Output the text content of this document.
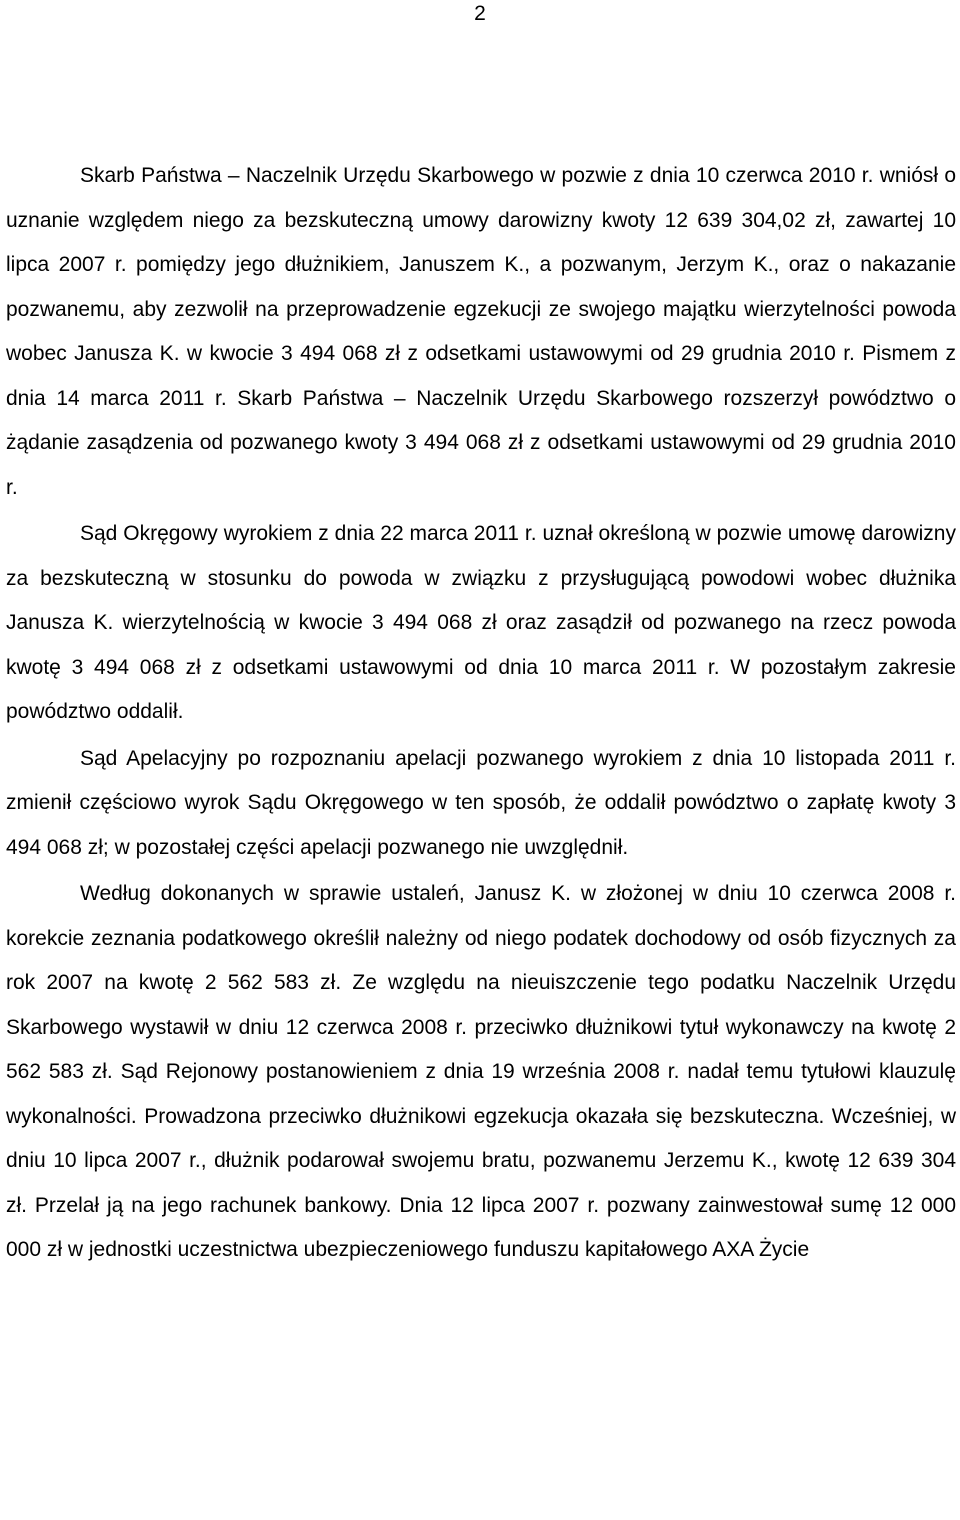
2

Skarb Państwa – Naczelnik Urzędu Skarbowego w pozwie z dnia 10 czerwca 2010 r. wniósł o uznanie względem niego za bezskuteczną umowy darowizny kwoty 12 639 304,02 zł, zawartej 10 lipca 2007 r. pomiędzy jego dłużnikiem, Januszem K., a pozwanym, Jerzym K., oraz o nakazanie pozwanemu, aby zezwolił na przeprowadzenie egzekucji ze swojego majątku wierzytelności powoda wobec Janusza K. w kwocie 3 494 068 zł z odsetkami ustawowymi od 29 grudnia 2010 r. Pismem z dnia 14 marca 2011 r. Skarb Państwa – Naczelnik Urzędu Skarbowego rozszerzył powództwo o żądanie zasądzenia od pozwanego kwoty 3 494 068 zł z odsetkami ustawowymi od 29 grudnia 2010 r.

Sąd Okręgowy wyrokiem z dnia 22 marca 2011 r. uznał określoną w pozwie umowę darowizny za bezskuteczną w stosunku do powoda w związku z przysługującą powodowi wobec dłużnika Janusza K. wierzytelnością w kwocie 3 494 068 zł oraz zasądził od pozwanego na rzecz powoda kwotę 3 494 068 zł z odsetkami ustawowymi od dnia 10 marca 2011 r. W pozostałym zakresie powództwo oddalił.

Sąd Apelacyjny po rozpoznaniu apelacji pozwanego wyrokiem z dnia 10 listopada 2011 r. zmienił częściowo wyrok Sądu Okręgowego w ten sposób, że oddalił powództwo o zapłatę kwoty 3 494 068 zł; w pozostałej części apelacji pozwanego nie uwzględnił.

Według dokonanych w sprawie ustaleń, Janusz K. w złożonej w dniu 10 czerwca 2008 r. korekcie zeznania podatkowego określił należny od niego podatek dochodowy od osób fizycznych za rok 2007 na kwotę 2 562 583 zł. Ze względu na nieuiszczenie tego podatku Naczelnik Urzędu Skarbowego wystawił w dniu 12 czerwca 2008 r. przeciwko dłużnikowi tytuł wykonawczy na kwotę 2 562 583 zł. Sąd Rejonowy postanowieniem z dnia 19 września 2008 r. nadał temu tytułowi klauzulę wykonalności. Prowadzona przeciwko dłużnikowi egzekucja okazała się bezskuteczna. Wcześniej, w dniu 10 lipca 2007 r., dłużnik podarował swojemu bratu, pozwanemu Jerzemu K., kwotę 12 639 304 zł. Przelał ją na jego rachunek bankowy. Dnia 12 lipca 2007 r. pozwany zainwestował sumę 12 000 000 zł w jednostki uczestnictwa ubezpieczeniowego funduszu kapitałowego AXA Życie
